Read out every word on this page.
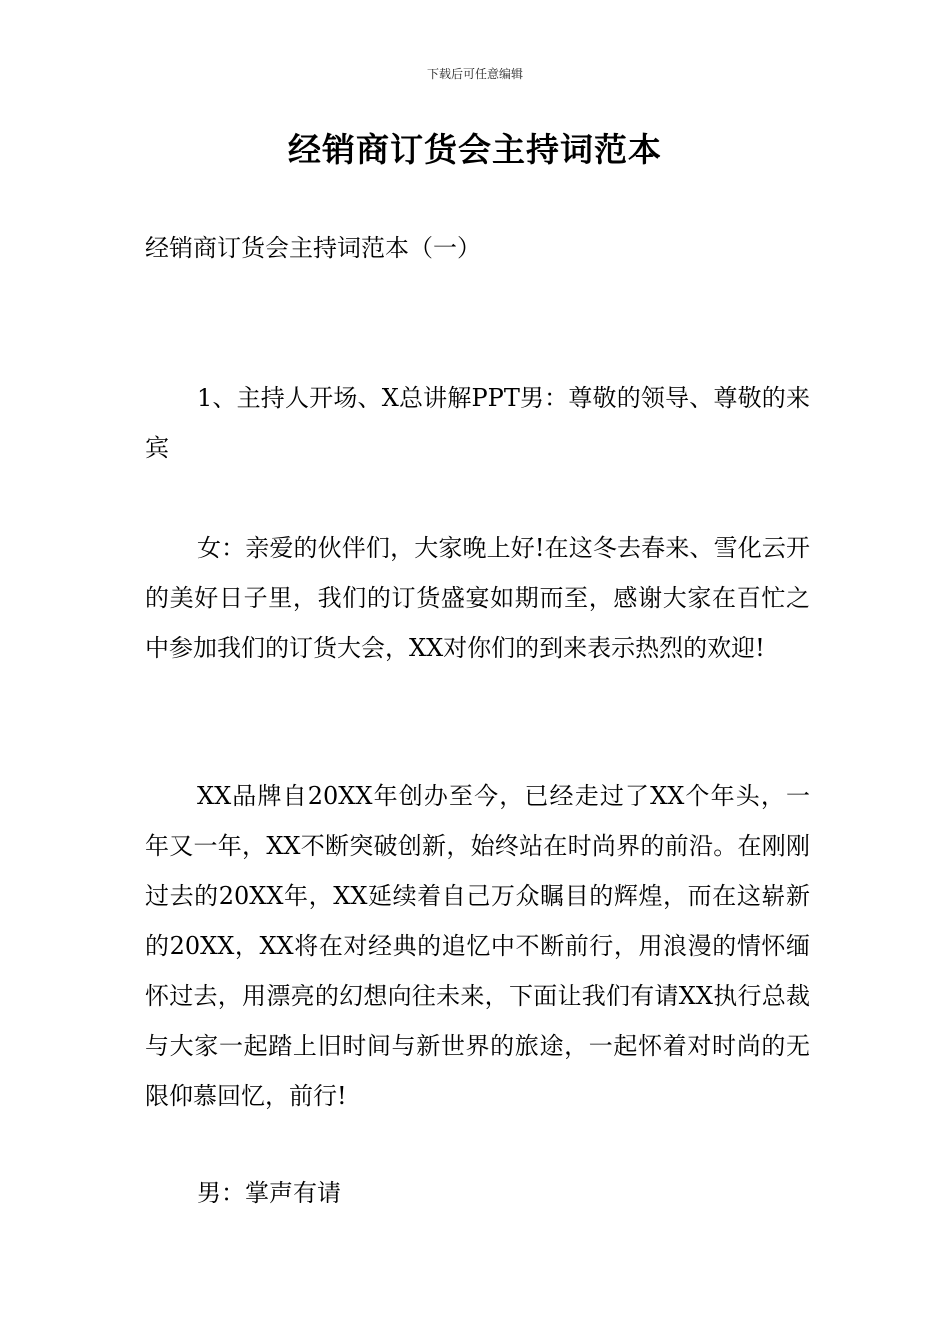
下载后可任意编辑
经销商订货会主持词范本

经销商订货会主持词范本（一）

1、主持人开场、X总讲解PPT男：尊敬的领导、尊敬的来宾

女：亲爱的伙伴们，大家晚上好!在这冬去春来、雪化云开的美好日子里，我们的订货盛宴如期而至，感谢大家在百忙之中参加我们的订货大会，XX对你们的到来表示热烈的欢迎!

XX品牌自20XX年创办至今，已经走过了XX个年头，一年又一年，XX不断突破创新，始终站在时尚界的前沿。在刚刚过去的20XX年，XX延续着自己万众瞩目的辉煌，而在这崭新的20XX，XX将在对经典的追忆中不断前行，用浪漫的情怀缅怀过去，用漂亮的幻想向往未来，下面让我们有请XX执行总裁与大家一起踏上旧时间与新世界的旅途，一起怀着对时尚的无限仰慕回忆，前行!

男：掌声有请
